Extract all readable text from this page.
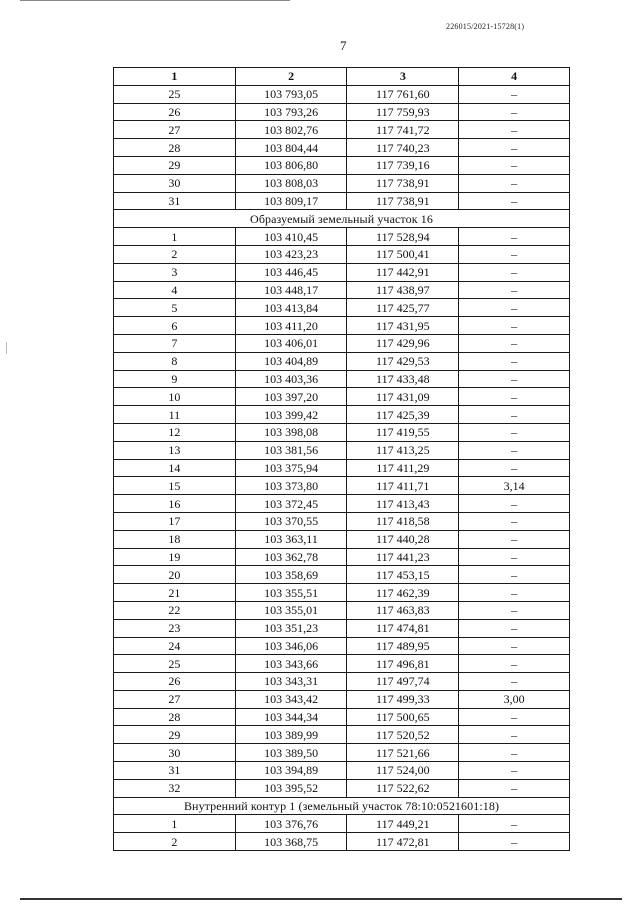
226015/2021-15728(1)
7
1	2	3	4
25	103 793,05	117 761,60	–
26	103 793,26	117 759,93	–
27	103 802,76	117 741,72	–
28	103 804,44	117 740,23	–
29	103 806,80	117 739,16	–
30	103 808,03	117 738,91	–
31	103 809,17	117 738,91	–
Образуемый земельный участок 16			
1	103 410,45	117 528,94	–
2	103 423,23	117 500,41	–
3	103 446,45	117 442,91	–
4	103 448,17	117 438,97	–
5	103 413,84	117 425,77	–
6	103 411,20	117 431,95	–
7	103 406,01	117 429,96	–
8	103 404,89	117 429,53	–
9	103 403,36	117 433,48	–
10	103 397,20	117 431,09	–
11	103 399,42	117 425,39	–
12	103 398,08	117 419,55	–
13	103 381,56	117 413,25	–
14	103 375,94	117 411,29	–
15	103 373,80	117 411,71	3,14
16	103 372,45	117 413,43	–
17	103 370,55	117 418,58	–
18	103 363,11	117 440,28	–
19	103 362,78	117 441,23	–
20	103 358,69	117 453,15	–
21	103 355,51	117 462,39	–
22	103 355,01	117 463,83	–
23	103 351,23	117 474,81	–
24	103 346,06	117 489,95	–
25	103 343,66	117 496,81	–
26	103 343,31	117 497,74	–
27	103 343,42	117 499,33	3,00
28	103 344,34	117 500,65	–
29	103 389,99	117 520,52	–
30	103 389,50	117 521,66	–
31	103 394,89	117 524,00	–
32	103 395,52	117 522,62	–
Внутренний контур 1 (земельный участок 78:10:0521601:18)			
1	103 376,76	117 449,21	–
2	103 368,75	117 472,81	–
